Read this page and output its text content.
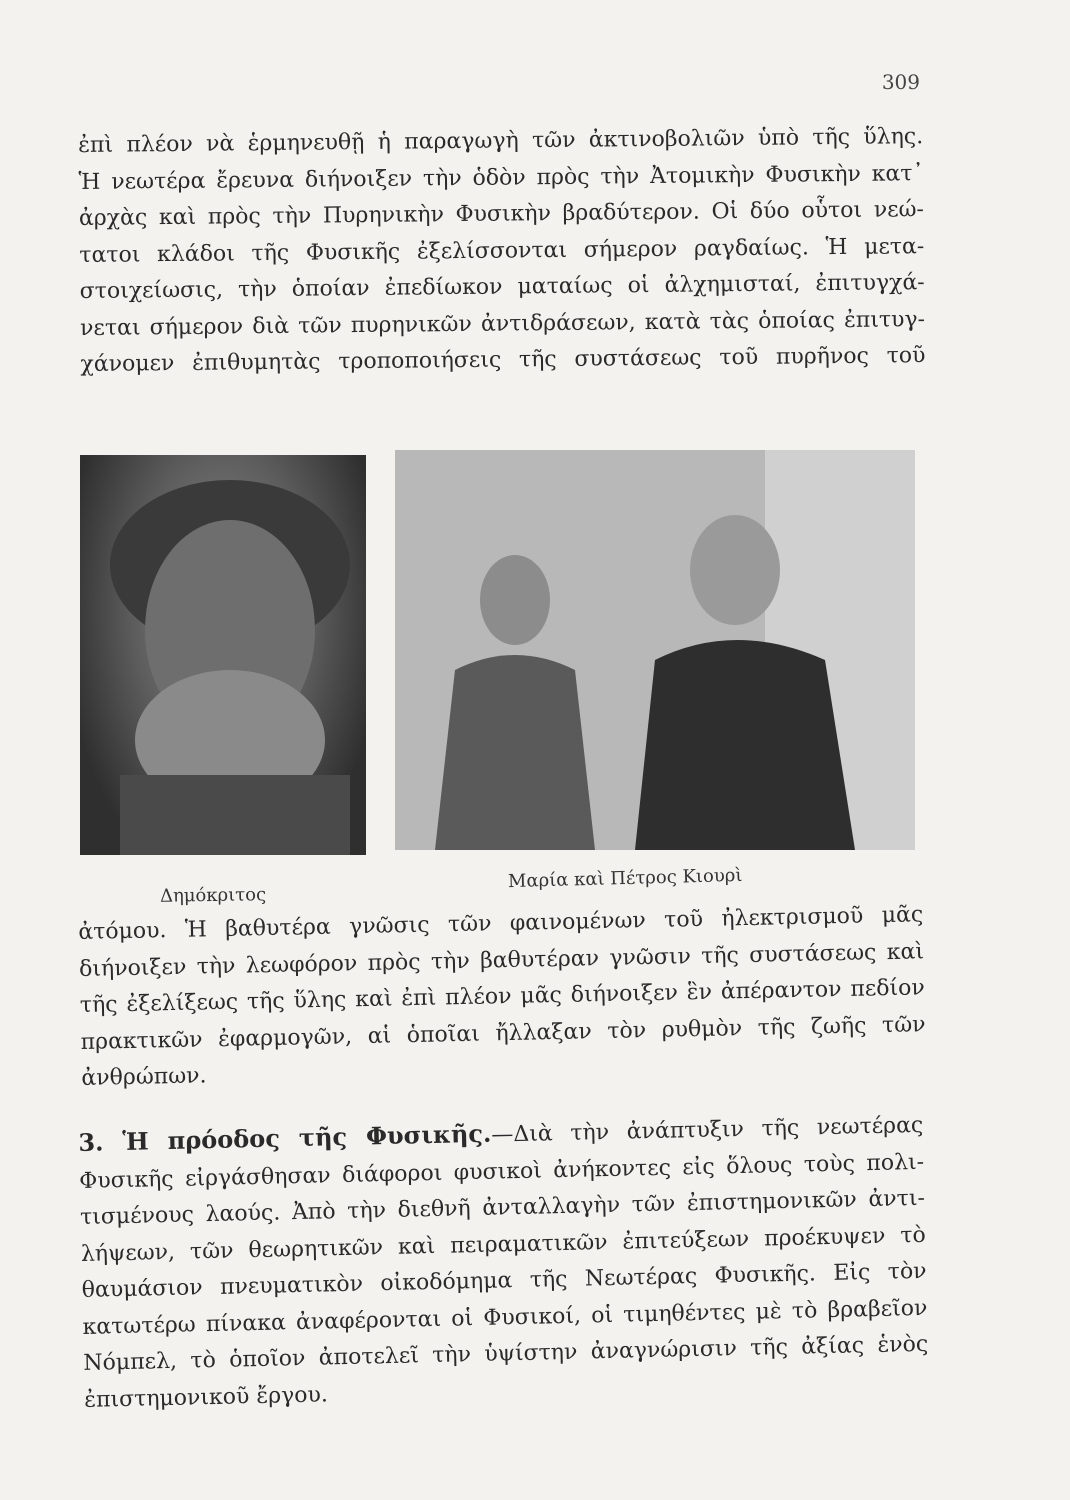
309
ἐπὶ πλέον νὰ ἑρμηνευθῇ ἡ παραγωγὴ τῶν ἀκτινοβολιῶν ὑπὸ τῆς ὕλης.
Ἡ νεωτέρα ἔρευνα διήνοιξεν τὴν ὁδὸν πρὸς τὴν Ἀτομικὴν Φυσικὴν κατ᾽
ἀρχὰς καὶ πρὸς τὴν Πυρηνικὴν Φυσικὴν βραδύτερον. Οἱ δύο οὗτοι νεώ-
τατοι κλάδοι τῆς Φυσικῆς ἐξελίσσονται σήμερον ραγδαίως. Ἡ μετα-
στοιχείωσις, τὴν ὁποίαν ἐπεδίωκον ματαίως οἱ ἀλχημισταί, ἐπιτυγχά-
νεται σήμερον διὰ τῶν πυρηνικῶν ἀντιδράσεων, κατὰ τὰς ὁποίας ἐπιτυγ-
χάνομεν ἐπιθυμητὰς τροποποιήσεις τῆς συστάσεως τοῦ πυρῆνος τοῦ
Δημόκριτος
Μαρία καὶ Πέτρος Κιουρὶ
ἀτόμου. Ἡ βαθυτέρα γνῶσις τῶν φαινομένων τοῦ ἠλεκτρισμοῦ μᾶς
διήνοιξεν τὴν λεωφόρον πρὸς τὴν βαθυτέραν γνῶσιν τῆς συστάσεως καὶ
τῆς ἐξελίξεως τῆς ὕλης καὶ ἐπὶ πλέον μᾶς διήνοιξεν ἓν ἀπέραντον πεδίον
πρακτικῶν ἐφαρμογῶν, αἱ ὁποῖαι ἤλλαξαν τὸν ρυθμὸν τῆς ζωῆς τῶν
ἀνθρώπων.
3. Ἡ πρόοδος τῆς Φυσικῆς.—Διὰ τὴν ἀνάπτυξιν τῆς νεωτέρας
Φυσικῆς εἰργάσθησαν διάφοροι φυσικοὶ ἀνήκοντες εἰς ὅλους τοὺς πολι-
τισμένους λαούς. Ἀπὸ τὴν διεθνῆ ἀνταλλαγὴν τῶν ἐπιστημονικῶν ἀντι-
λήψεων, τῶν θεωρητικῶν καὶ πειραματικῶν ἐπιτεύξεων προέκυψεν τὸ
θαυμάσιον πνευματικὸν οἰκοδόμημα τῆς Νεωτέρας Φυσικῆς. Εἰς τὸν
κατωτέρω πίνακα ἀναφέρονται οἱ Φυσικοί, οἱ τιμηθέντες μὲ τὸ βραβεῖον
Νόμπελ, τὸ ὁποῖον ἀποτελεῖ τὴν ὑψίστην ἀναγνώρισιν τῆς ἀξίας ἑνὸς
ἐπιστημονικοῦ ἔργου.
